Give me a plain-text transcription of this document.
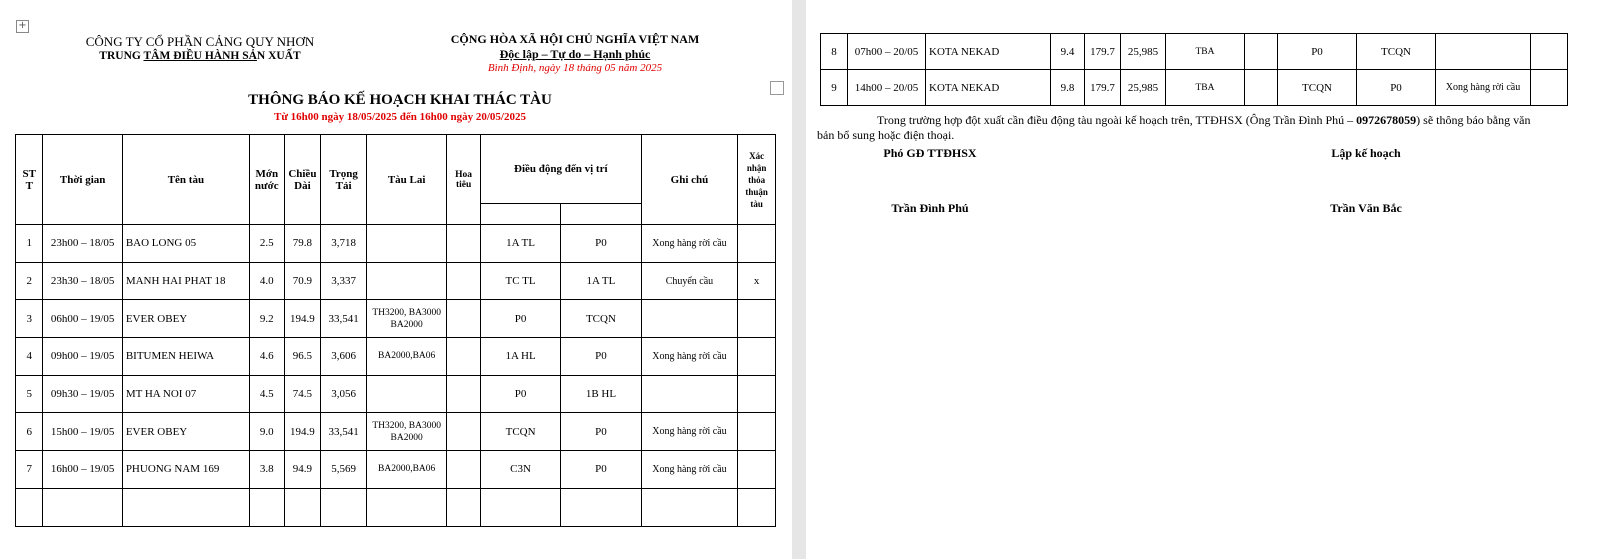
+
CÔNG TY CỔ PHẦN CẢNG QUY NHƠN
TRUNG TÂM ĐIỀU HÀNH SẢN XUẤT
CỘNG HÒA XÃ HỘI CHỦ NGHĨA VIỆT NAM
Độc lập – Tự do – Hạnh phúc
Bình Định, ngày 18 tháng 05 năm 2025
THÔNG BÁO KẾ HOẠCH KHAI THÁC TÀU
Từ 16h00 ngày 18/05/2025 đến 16h00 ngày 20/05/2025
ST T	Thời gian	Tên tàu	Mớn nước	Chiều Dài	Trọng Tải	Tàu Lai	Hoa tiêu	Điều động đến vị trí		Ghi chú	Xác nhận thỏa thuận tàu

1	23h00 – 18/05	BAO LONG 05	2.5	79.8	3,718			1A TL	P0	Xong hàng rời cầu	
2	23h30 – 18/05	MANH HAI PHAT 18	4.0	70.9	3,337			TC TL	1A TL	Chuyển cầu	x
3	06h00 – 19/05	EVER OBEY	9.2	194.9	33,541	TH3200, BA3000 BA2000		P0	TCQN		
4	09h00 – 19/05	BITUMEN HEIWA	4.6	96.5	3,606	BA2000,BA06		1A HL	P0	Xong hàng rời cầu	
5	09h30 – 19/05	MT HA NOI 07	4.5	74.5	3,056			P0	1B HL		
6	15h00 – 19/05	EVER OBEY	9.0	194.9	33,541	TH3200, BA3000 BA2000		TCQN	P0	Xong hàng rời cầu	
7	16h00 – 19/05	PHUONG NAM 169	3.8	94.9	5,569	BA2000,BA06		C3N	P0	Xong hàng rời cầu	

8	07h00 – 20/05	KOTA NEKAD	9.4	179.7	25,985	TBA		P0	TCQN		
9	14h00 – 20/05	KOTA NEKAD	9.8	179.7	25,985	TBA		TCQN	P0	Xong hàng rời cầu	
Trong trường hợp đột xuất cần điều động tàu ngoài kế hoạch trên, TTĐHSX (Ông Trần Đình Phú – 0972678059) sẽ thông báo bằng văn bản bổ sung hoặc điện thoại.
Phó GĐ TTĐHSX	Lập kế hoạch
Trần Đình Phú	Trần Văn Bắc
